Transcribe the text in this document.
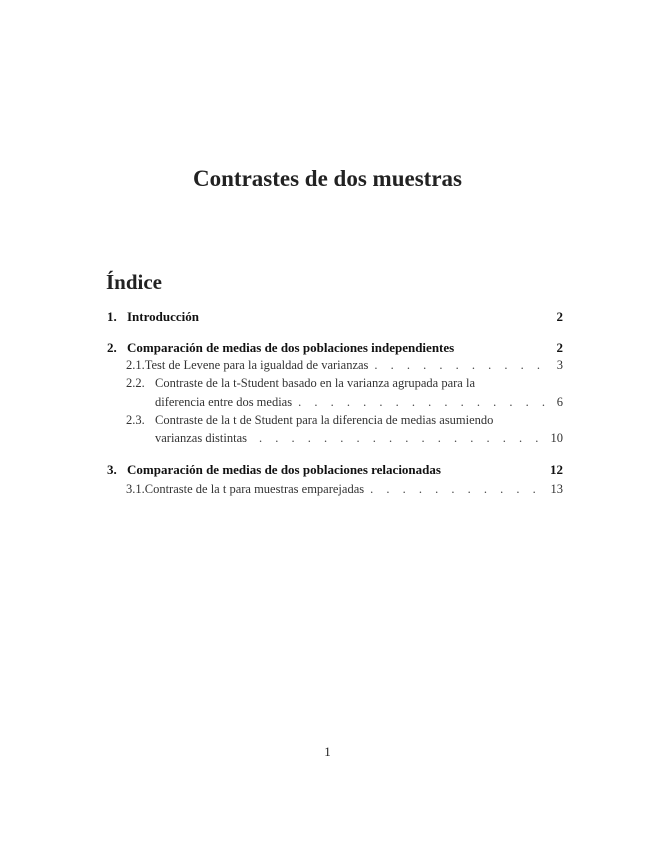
Contrastes de dos muestras
Índice
1. Introducción	2
2. Comparación de medias de dos poblaciones independientes	2
2.1. Test de Levene para la igualdad de varianzas . . .	3
2.2. Contraste de la t-Student basado en la varianza agrupada para la
diferencia entre dos medias . . .	6
2.3. Contraste de la t de Student para la diferencia de medias asumiendo
varianzas distintas . . .	10
3. Comparación de medias de dos poblaciones relacionadas	12
3.1. Contraste de la t para muestras emparejadas . . .	13
1
